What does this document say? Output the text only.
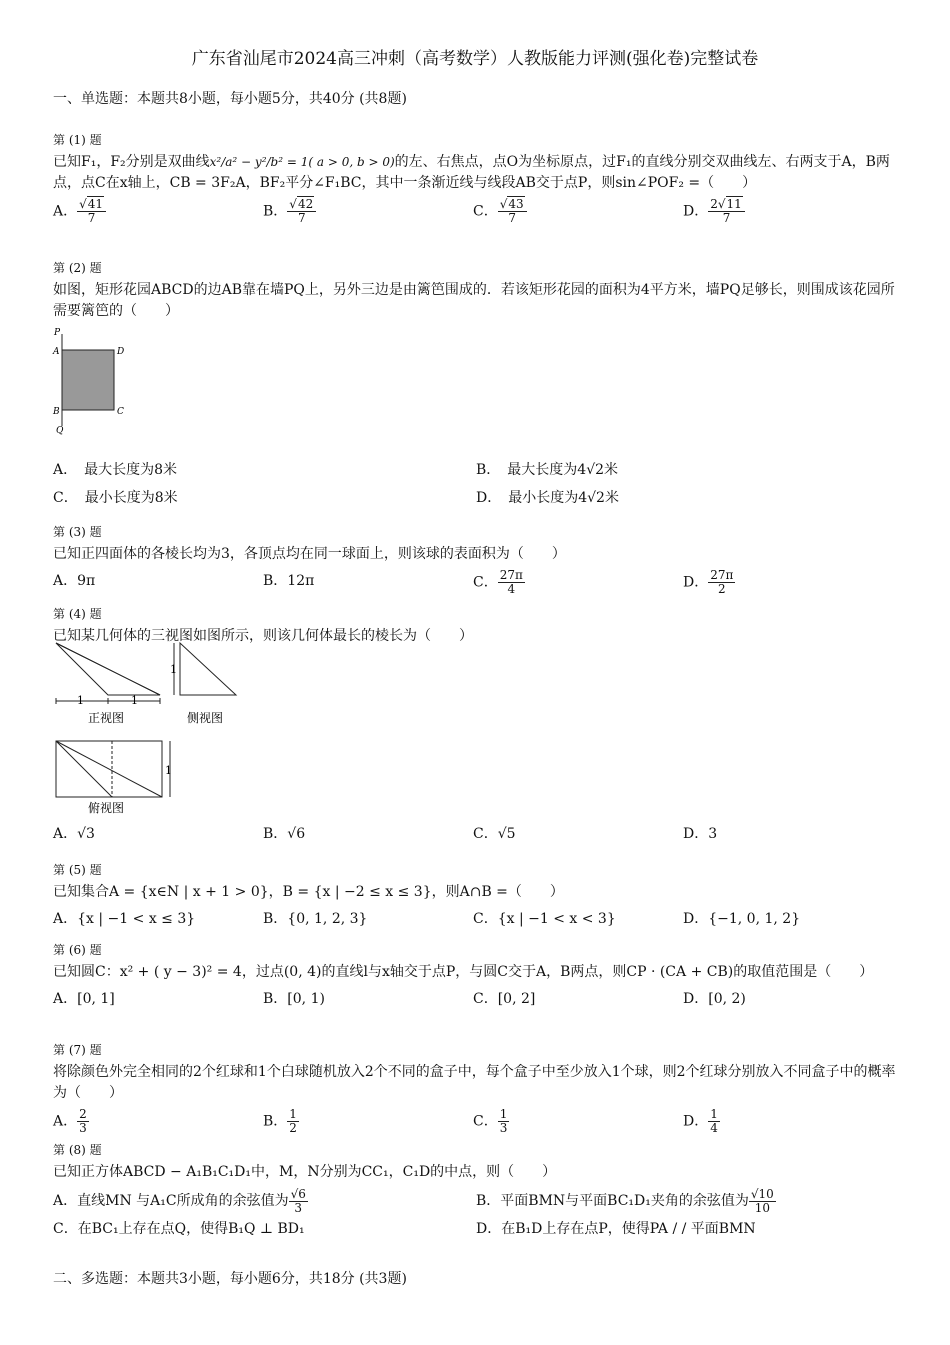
广东省汕尾市2024高三冲刺（高考数学）人教版能力评测(强化卷)完整试卷
一、单选题：本题共8小题，每小题5分，共40分 (共8题)
第 (1) 题
已知F₁，F₂分别是双曲线x²/a² − y²/b² = 1( a > 0, b > 0)的左、右焦点，点O为坐标原点，过F₁的直线分别交双曲线左、右两支于A，B两点，点C在x轴上，CB = 3F₂A，BF₂平分∠F₁BC，其中一条渐近线与线段AB交于点P，则sin∠POF₂ =（　　）
A． $\frac{√41}{7}$	B． $\frac{√42}{7}$	C． $\frac{√43}{7}$	D． $\frac{2√11}{7}$
第 (2) 题
如图，矩形花园ABCD的边AB靠在墙PQ上，另外三边是由篱笆围成的．若该矩形花园的面积为4平方米，墙PQ足够长，则围成该花园所需要篱笆的（　　）
P
A	D
B	C
Q
A．　最大长度为8米	B．　最大长度为4√2米
C．　最小长度为8米	D．　最小长度为4√2米
第 (3) 题
已知正四面体的各棱长均为3，各顶点均在同一球面上，则该球的表面积为（　　）
A．9π	B．12π	C． $\frac{27\pi}{4}$	D． $\frac{27\pi}{2}$
第 (4) 题
已知某几何体的三视图如图所示，则该几何体最长的棱长为（　　）
1	1
正视图
1
侧视图
1
俯视图
A．√3	B．√6	C．√5	D．3
第 (5) 题
已知集合A = {x∈N | x + 1 > 0}，B = {x | −2 ≤ x ≤ 3}，则A∩B =（　　）
A．{x | −1 < x ≤ 3}	B．{0, 1, 2, 3}	C．{x | −1 < x < 3}	D．{−1, 0, 1, 2}
第 (6) 题
已知圆C：x² + ( y − 3)² = 4，过点(0, 4)的直线l与x轴交于点P，与圆C交于A，B两点，则CP · (CA + CB)的取值范围是（　　）
A．[0, 1]	B．[0, 1)	C．[0, 2]	D．[0, 2)
第 (7) 题
将除颜色外完全相同的2个红球和1个白球随机放入2个不同的盒子中，每个盒子中至少放入1个球，则2个红球分别放入不同盒子中的概率为（　　）
A． $\frac{2}{3}$	B． $\frac{1}{2}$	C． $\frac{1}{3}$	D． $\frac{1}{4}$
第 (8) 题
已知正方体ABCD − A₁B₁C₁D₁中，M，N分别为CC₁，C₁D的中点，则（　　）
A．直线MN 与A₁C所成角的余弦值为 $\frac{√6}{3}$	B．平面BMN与平面BC₁D₁夹角的余弦值为 $\frac{√10}{10}$
C．在BC₁上存在点Q，使得B₁Q ⊥ BD₁	D．在B₁D上存在点P，使得PA / / 平面BMN
二、多选题：本题共3小题，每小题6分，共18分 (共3题)
